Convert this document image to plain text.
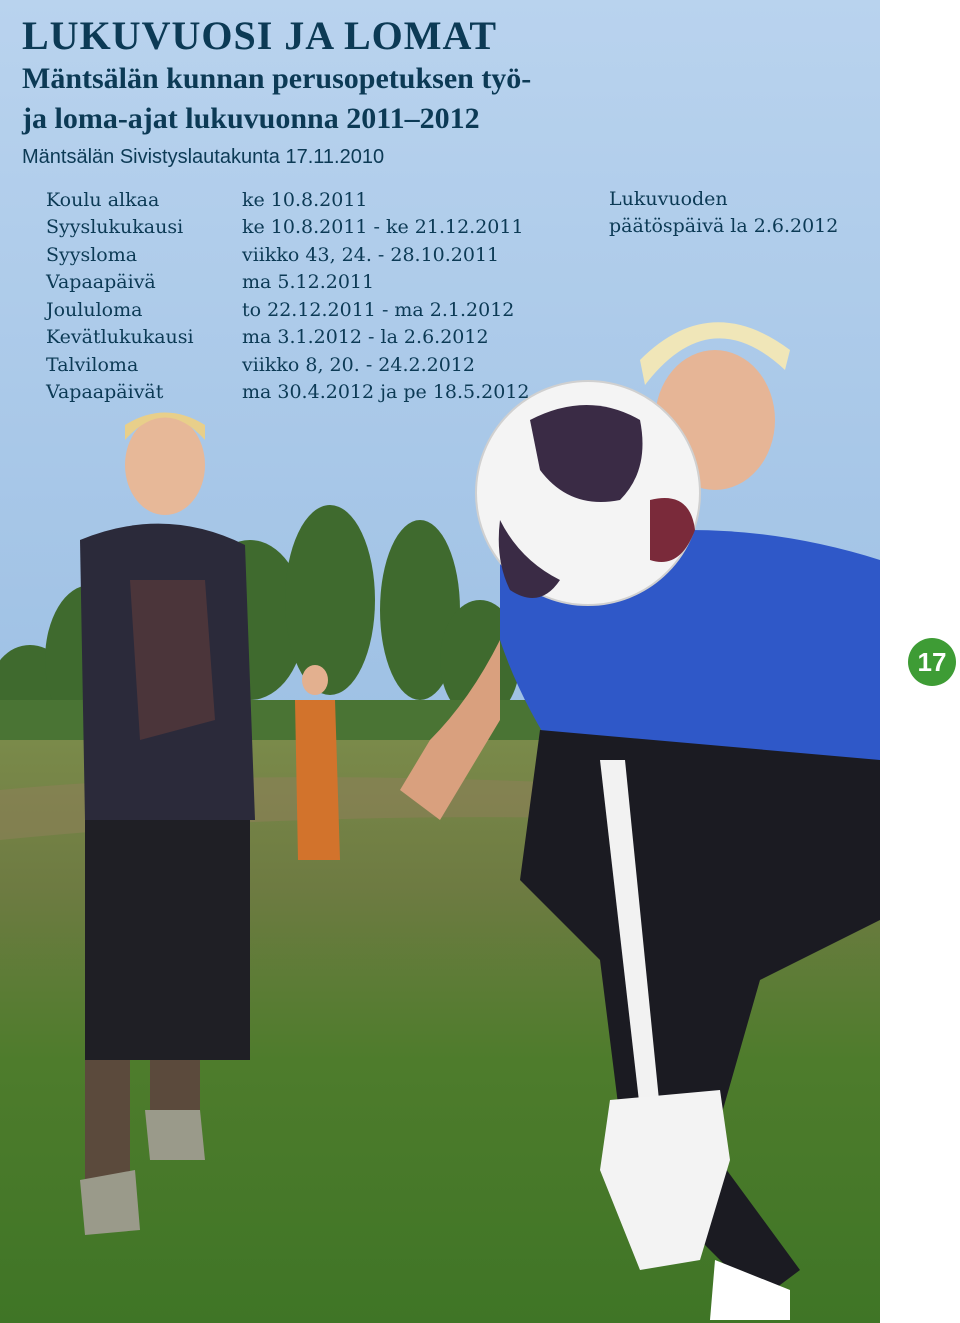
LUKUVUOSI JA LOMAT
Mäntsälän kunnan perusopetuksen työ-
ja loma-ajat lukuvuonna 2011–2012
Mäntsälän Sivistyslautakunta 17.11.2010
Koulu alkaa	ke 10.8.2011
Syyslukukausi	ke 10.8.2011 - ke 21.12.2011
Syysloma	viikko 43, 24. - 28.10.2011
Vapaapäivä	ma 5.12.2011
Joululoma	to 22.12.2011 - ma 2.1.2012
Kevätlukukausi	ma 3.1.2012 - la 2.6.2012
Talviloma	viikko 8, 20. - 24.2.2012
Vapaapäivät	ma 30.4.2012 ja pe 18.5.2012
Lukuvuoden
päätöspäivä la 2.6.2012
17
